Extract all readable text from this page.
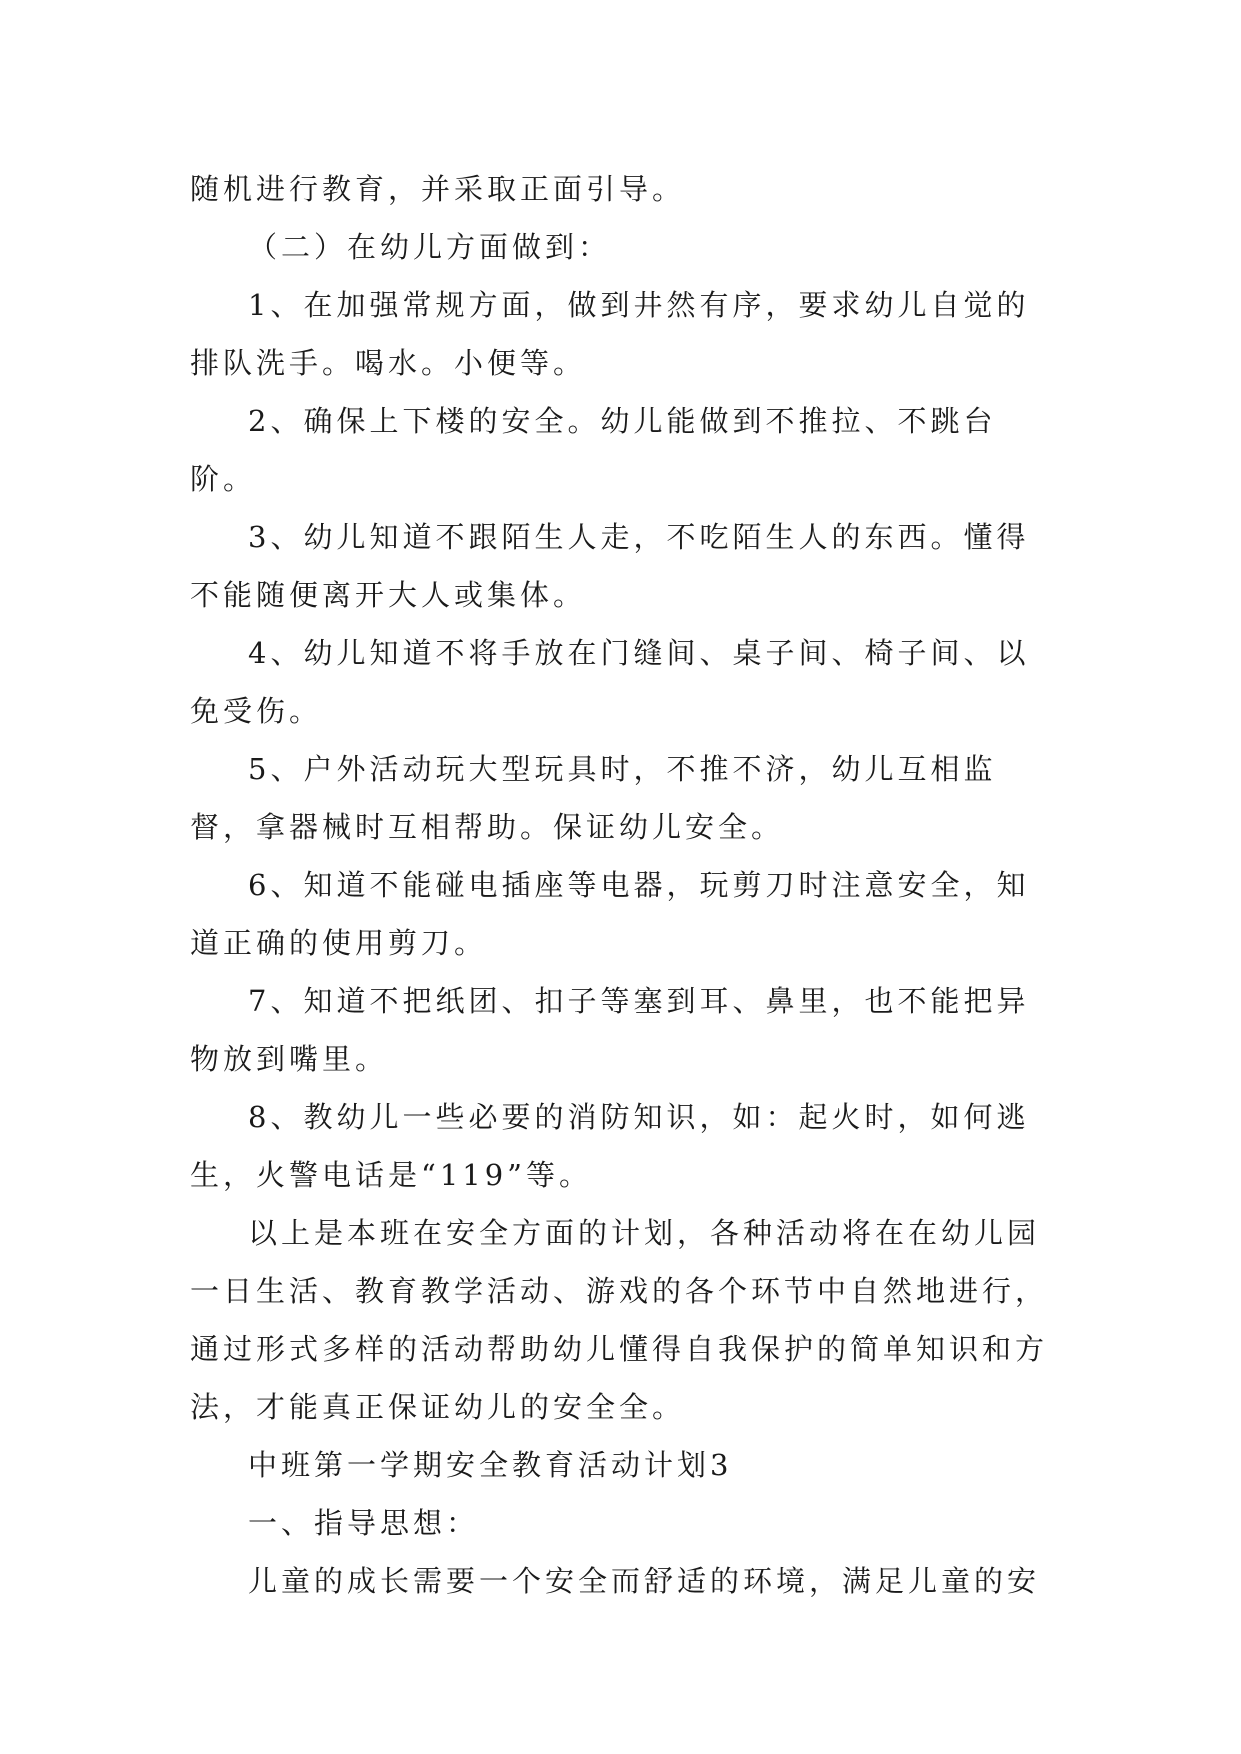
随机进行教育，并采取正面引导。

（二）在幼儿方面做到：

1、在加强常规方面，做到井然有序，要求幼儿自觉的排队洗手。喝水。小便等。

2、确保上下楼的安全。幼儿能做到不推拉、不跳台阶。

3、幼儿知道不跟陌生人走，不吃陌生人的东西。懂得不能随便离开大人或集体。

4、幼儿知道不将手放在门缝间、桌子间、椅子间、以免受伤。

5、户外活动玩大型玩具时，不推不济，幼儿互相监督，拿器械时互相帮助。保证幼儿安全。

6、知道不能碰电插座等电器，玩剪刀时注意安全，知道正确的使用剪刀。

7、知道不把纸团、扣子等塞到耳、鼻里，也不能把异物放到嘴里。

8、教幼儿一些必要的消防知识，如：起火时，如何逃生，火警电话是“119”等。

以上是本班在安全方面的计划，各种活动将在在幼儿园一日生活、教育教学活动、游戏的各个环节中自然地进行，通过形式多样的活动帮助幼儿懂得自我保护的简单知识和方法，才能真正保证幼儿的安全全。

中班第一学期安全教育活动计划3

一、指导思想：

儿童的成长需要一个安全而舒适的环境，满足儿童的安
